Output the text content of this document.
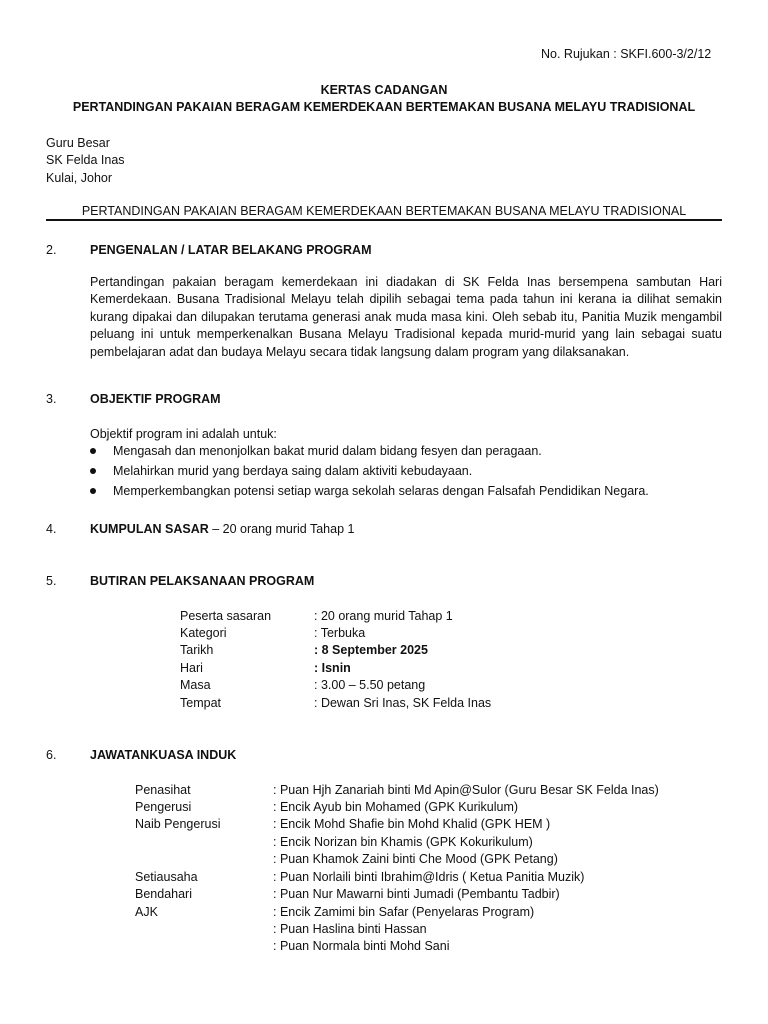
No. Rujukan : SKFI.600-3/2/12
KERTAS CADANGAN
PERTANDINGAN PAKAIAN BERAGAM KEMERDEKAAN BERTEMAKAN BUSANA MELAYU TRADISIONAL
Guru Besar
SK Felda Inas
Kulai, Johor
PERTANDINGAN PAKAIAN BERAGAM KEMERDEKAAN BERTEMAKAN BUSANA MELAYU TRADISIONAL
2.	PENGENALAN / LATAR BELAKANG PROGRAM
Pertandingan pakaian beragam kemerdekaan ini diadakan di SK Felda Inas bersempena sambutan Hari Kemerdekaan. Busana Tradisional Melayu telah dipilih sebagai tema pada tahun ini kerana ia dilihat semakin kurang dipakai dan dilupakan terutama generasi anak muda masa kini. Oleh sebab itu, Panitia Muzik mengambil peluang ini untuk memperkenalkan Busana Melayu Tradisional kepada murid-murid yang lain sebagai suatu pembelajaran adat dan budaya Melayu secara tidak langsung dalam program yang dilaksanakan.
3.	OBJEKTIF PROGRAM
Objektif program ini adalah untuk:
Mengasah dan menonjolkan bakat murid dalam bidang fesyen dan peragaan.
Melahirkan murid yang berdaya saing dalam aktiviti kebudayaan.
Memperkembangkan potensi setiap warga sekolah selaras dengan Falsafah Pendidikan Negara.
4.	KUMPULAN SASAR – 20 orang murid Tahap 1
5.	BUTIRAN PELAKSANAAN PROGRAM
Peserta sasaran	: 20 orang murid Tahap 1
Kategori	: Terbuka
Tarikh	: 8 September 2025
Hari	: Isnin
Masa	: 3.00 – 5.50 petang
Tempat	: Dewan Sri Inas, SK Felda Inas
6.	JAWATANKUASA INDUK
Penasihat	: Puan Hjh Zanariah binti Md Apin@Sulor (Guru Besar SK Felda Inas)
Pengerusi	: Encik Ayub bin Mohamed (GPK Kurikulum)
Naib Pengerusi	: Encik Mohd Shafie bin Mohd Khalid (GPK HEM )
: Encik Norizan bin Khamis (GPK Kokurikulum)
: Puan Khamok Zaini binti Che Mood (GPK Petang)
Setiausaha	: Puan Norlaili binti Ibrahim@Idris ( Ketua Panitia Muzik)
Bendahari	: Puan Nur Mawarni binti Jumadi (Pembantu Tadbir)
AJK	: Encik Zamimi bin Safar (Penyelaras Program)
: Puan Haslina binti Hassan
: Puan Normala binti Mohd Sani
